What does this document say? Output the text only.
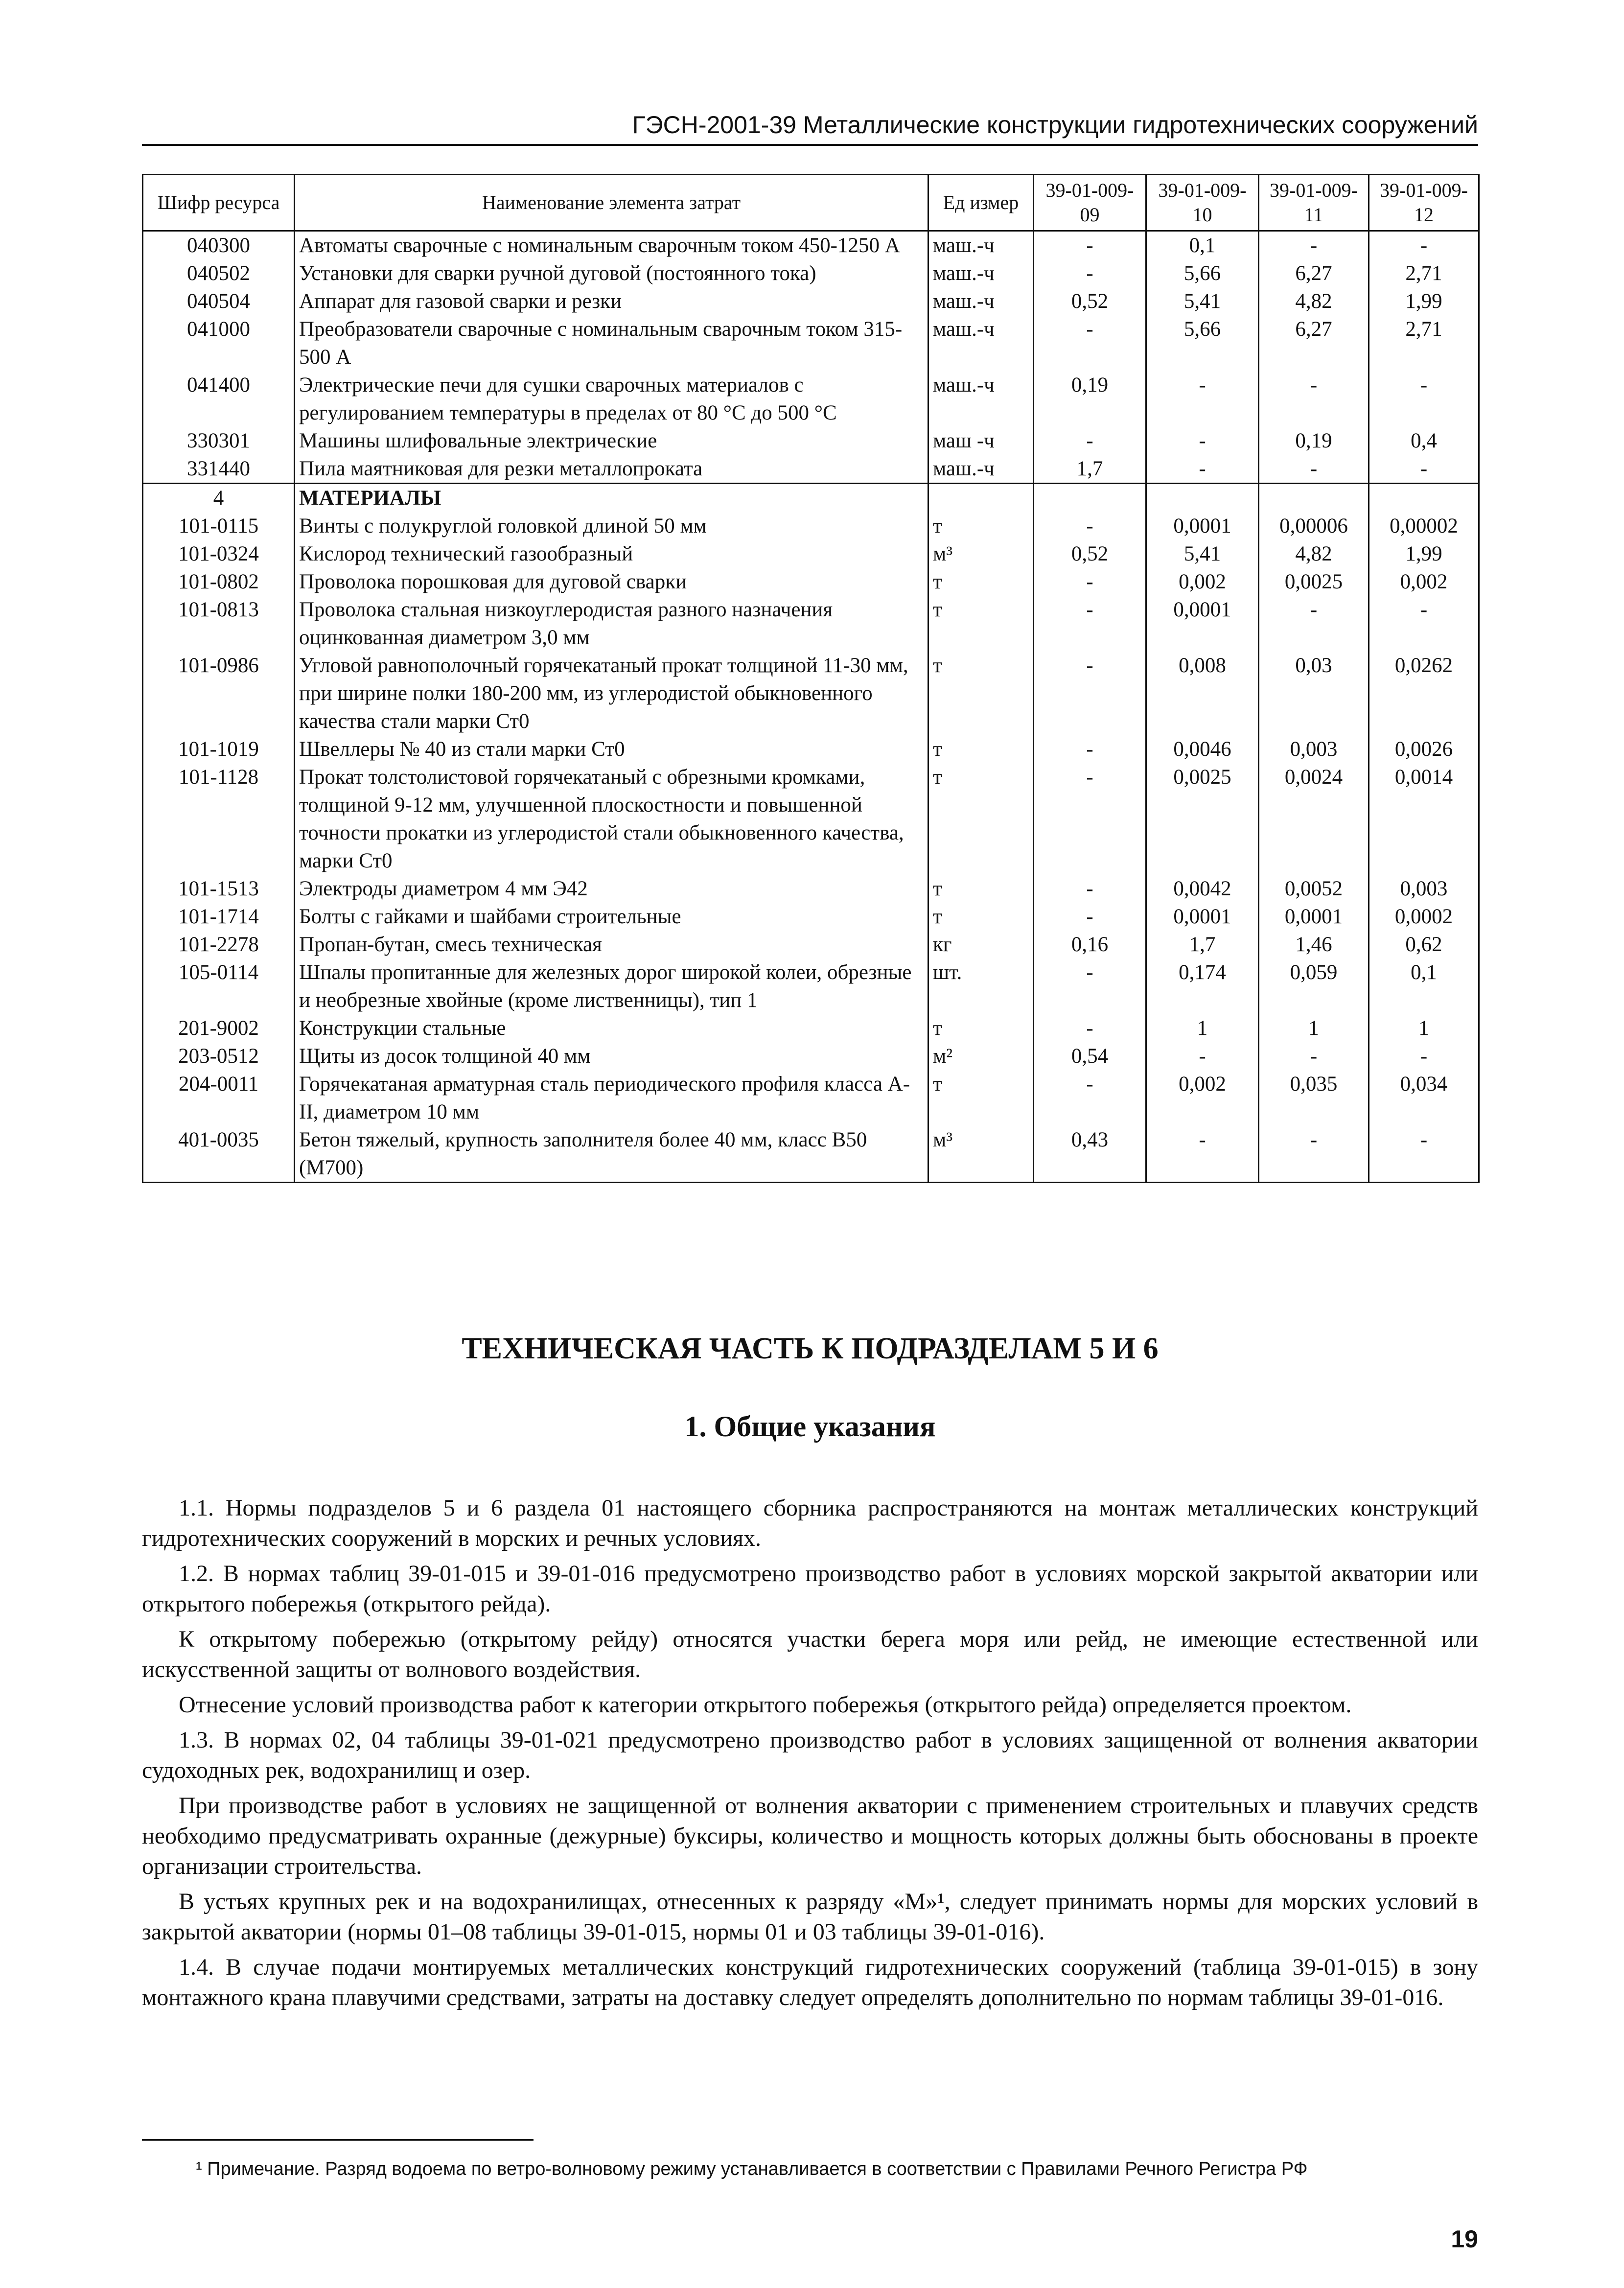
ГЭСН-2001-39 Металлические конструкции гидротехнических сооружений
Шифр ресурса	Наименование элемента затрат	Ед измер	39-01-009-09	39-01-009-10	39-01-009-11	39-01-009-12
040300	Автоматы сварочные с номинальным сварочным током 450-1250 А	маш.-ч	-	0,1	-	-
040502	Установки для сварки ручной дуговой (постоянного тока)	маш.-ч	-	5,66	6,27	2,71
040504	Аппарат для газовой сварки и резки	маш.-ч	0,52	5,41	4,82	1,99
041000	Преобразователи сварочные с номинальным сварочным током 315-500 А	маш.-ч	-	5,66	6,27	2,71
041400	Электрические печи для сушки сварочных материалов с регулированием температуры в пределах от 80 °С до 500 °С	маш.-ч	0,19	-	-	-
330301	Машины шлифовальные электрические	маш -ч	-	-	0,19	0,4
331440	Пила маятниковая для резки металлопроката	маш.-ч	1,7	-	-	-
4	МАТЕРИАЛЫ					
101-0115	Винты с полукруглой головкой длиной 50 мм	т	-	0,0001	0,00006	0,00002
101-0324	Кислород технический газообразный	м³	0,52	5,41	4,82	1,99
101-0802	Проволока порошковая для дуговой сварки	т	-	0,002	0,0025	0,002
101-0813	Проволока стальная низкоуглеродистая разного назначения оцинкованная диаметром 3,0 мм	т	-	0,0001	-	-
101-0986	Угловой равнополочный горячекатаный прокат толщиной 11-30 мм, при ширине полки 180-200 мм, из углеродистой обыкновенного качества стали марки Ст0	т	-	0,008	0,03	0,0262
101-1019	Швеллеры № 40 из стали марки Ст0	т	-	0,0046	0,003	0,0026
101-1128	Прокат толстолистовой горячекатаный с обрезными кромками, толщиной 9-12 мм, улучшенной плоскостности и повышенной точности прокатки из углеродистой стали обыкновенного качества, марки Ст0	т	-	0,0025	0,0024	0,0014
101-1513	Электроды диаметром 4 мм Э42	т	-	0,0042	0,0052	0,003
101-1714	Болты с гайками и шайбами строительные	т	-	0,0001	0,0001	0,0002
101-2278	Пропан-бутан, смесь техническая	кг	0,16	1,7	1,46	0,62
105-0114	Шпалы пропитанные для железных дорог широкой колеи, обрезные и необрезные хвойные (кроме лиственницы), тип 1	шт.	-	0,174	0,059	0,1
201-9002	Конструкции стальные	т	-	1	1	1
203-0512	Щиты из досок толщиной 40 мм	м²	0,54	-	-	-
204-0011	Горячекатаная арматурная сталь периодического профиля класса А-II, диаметром 10 мм	т	-	0,002	0,035	0,034
401-0035	Бетон тяжелый, крупность заполнителя более 40 мм, класс В50 (М700)	м³	0,43	-	-	-
ТЕХНИЧЕСКАЯ ЧАСТЬ К ПОДРАЗДЕЛАМ 5 И 6
1. Общие указания

1.1. Нормы подразделов 5 и 6 раздела 01 настоящего сборника распространяются на монтаж металлических конструкций гидротехнических сооружений в морских и речных условиях.

1.2. В нормах таблиц 39-01-015 и 39-01-016 предусмотрено производство работ в условиях морской закрытой акватории или открытого побережья (открытого рейда).

К открытому побережью (открытому рейду) относятся участки берега моря или рейд, не имеющие естественной или искусственной защиты от волнового воздействия.

Отнесение условий производства работ к категории открытого побережья (открытого рейда) определяется проектом.

1.3. В нормах 02, 04 таблицы 39-01-021 предусмотрено производство работ в условиях защищенной от волнения акватории судоходных рек, водохранилищ и озер.

При производстве работ в условиях не защищенной от волнения акватории с применением строительных и плавучих средств необходимо предусматривать охранные (дежурные) буксиры, количество и мощность которых должны быть обоснованы в проекте организации строительства.

В устьях крупных рек и на водохранилищах, отнесенных к разряду «М»¹, следует принимать нормы для морских условий в закрытой акватории (нормы 01–08 таблицы 39-01-015, нормы 01 и 03 таблицы 39-01-016).

1.4. В случае подачи монтируемых металлических конструкций гидротехнических сооружений (таблица 39-01-015) в зону монтажного крана плавучими средствами, затраты на доставку следует определять дополнительно по нормам таблицы 39-01-016.

¹ Примечание. Разряд водоема по ветро-волновому режиму устанавливается в соответствии с Правилами Речного Регистра РФ
19
